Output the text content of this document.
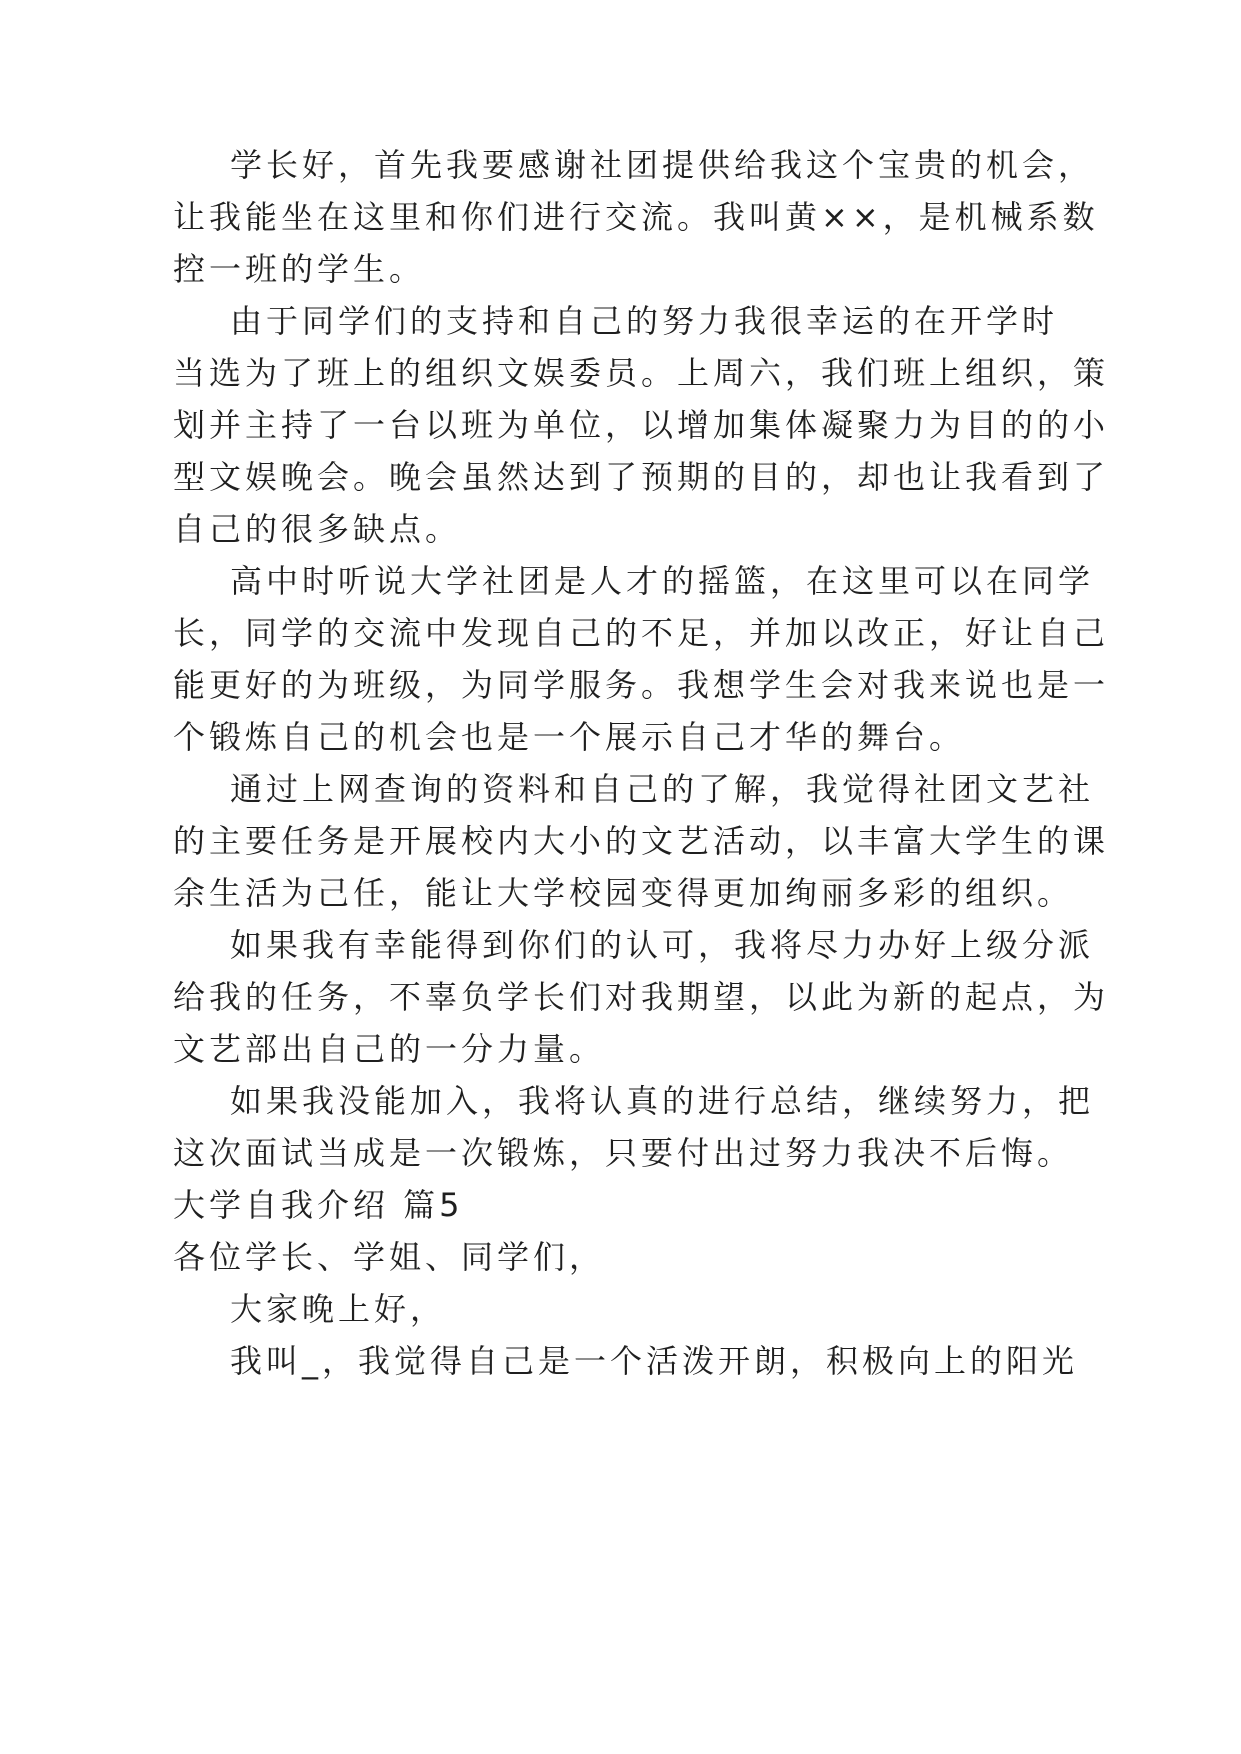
学长好，首先我要感谢社团提供给我这个宝贵的机会，
让我能坐在这里和你们进行交流。我叫黄××，是机械系数
控一班的学生。
由于同学们的支持和自己的努力我很幸运的在开学时
当选为了班上的组织文娱委员。上周六，我们班上组织，策
划并主持了一台以班为单位，以增加集体凝聚力为目的的小
型文娱晚会。晚会虽然达到了预期的目的，却也让我看到了
自己的很多缺点。
高中时听说大学社团是人才的摇篮，在这里可以在同学
长，同学的交流中发现自己的不足，并加以改正，好让自己
能更好的为班级，为同学服务。我想学生会对我来说也是一
个锻炼自己的机会也是一个展示自己才华的舞台。
通过上网查询的资料和自己的了解，我觉得社团文艺社
的主要任务是开展校内大小的文艺活动，以丰富大学生的课
余生活为己任，能让大学校园变得更加绚丽多彩的组织。
如果我有幸能得到你们的认可，我将尽力办好上级分派
给我的任务，不辜负学长们对我期望，以此为新的起点，为
文艺部出自己的一分力量。
如果我没能加入，我将认真的进行总结，继续努力，把
这次面试当成是一次锻炼，只要付出过努力我决不后悔。
大学自我介绍 篇5
各位学长、学姐、同学们，
大家晚上好，
我叫_，我觉得自己是一个活泼开朗，积极向上的阳光
